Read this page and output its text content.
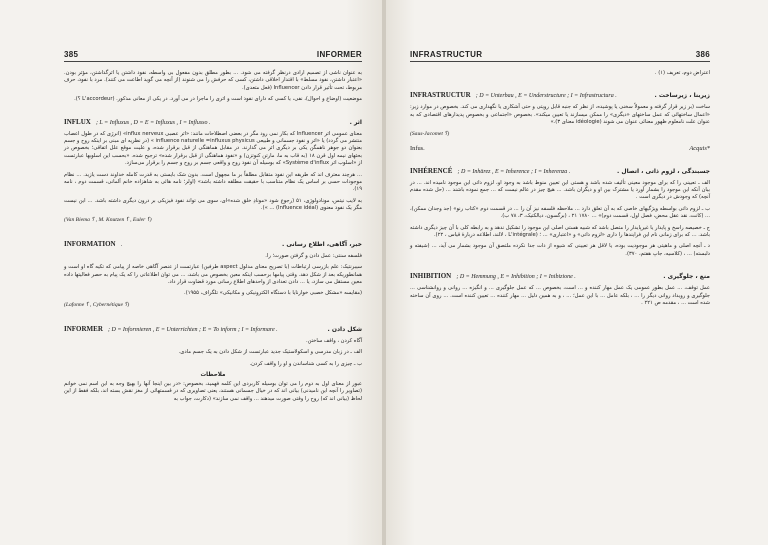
385	INFORMER

به عنوان ناشی از تصمیم ارادی درنظر گرفته می شود. ... بطور مطلق بدون مفعول بی واسطه، نفوذ داشتن یا اثرگذاشتن، مؤثر بودن. «اعتبار داشتن، نفوذ مسلط» با اقتدار اخلاقی داشتن، کسی که حرفش را می شنوند (از آنچه می گوید اطاعت می کنند). مرد با نفوذ، حرف مربوط، تحت تأثیر قرار دادن Influencer (فعل متعدی).

موضعیت (اوضاع و احوال)، نفی، یا کسی که دارای نفوذ است و اثری را ماجرا در می آورد. در یکی از معانی مذکور. (L'accordeur ؟).

INFLUX ; L = Influxus , D = E = Influxus , I = Influsso .	اثر .

معنای عمومی اثر Influencer که بکار نمی رود مگر در بعضی اصطلاحات مانند: «اثر عصبی influx nerveux» (انرژی که در طول اعصاب منتشر می گردد) یا «اثر و نفوذ جسمانی و طبیعی influence naturelle =influxus physicus » (در نظریه ای مبنی بر اینکه روح و جسم بعنوان دو جوهر ناهمگن یکی بر دیگری اثر می گذارند. در مقابل هماهنگی از قبل برقرار شده، و علیت موقع علل اتفاقی؛ بخصوص در بحثهای نیمه اول قرن ۱۸ (به قاب به ما، مارتن کنوتزن) و «نفوذ هماهنگی از قبل برقرار شده» ترجیح شده. «بحسب این اسلوبها عبارتست از «اسلوب اثر Système d'influx» که بوسیله آن نفوذ روح و واقعی جسم بر روح و جسم را برقرار می‌سازد.

... هرچند معترف اند که طریقه این نفوذ متقابل مطلقاً بر ما مجهول است. بدون شک بایستی به قدرت کامله خداوند دست یازید. ... نظام موجودات حسی بر اساس یک نظام متناسب با حقیقت مطلقه داشته باشد» (اولر؛ نامه هائی به شاهزاده خانم آلمانی، قسمت دوم ، نامه ۱۹).

به لایب نیتس، مونادولوژی، ۵۱ (رجوع شود «مونادِ خلق شده»ای، سوی می تواند نفوذ فیزیکی بر درون دیگری داشته باشد. ... این نیست مگر یک نفوذ معنوی (Influence idéal) ... »).

(Van Biema ؟ , M. Knutzen ؟ , Euler ؟)

INFORMATION .	خبر، آگاهی، اطلاع رسانی .

فلسفه سنتی: عمل دادن و گرفتن صورت؛ را.

سیبرنتیک: علم بازرسی ارتباطات (با تصریح معنای مدلول aspect طرفین) عبارتست از عنصر آگاهی خاصه از پیامی که تکیه گاه او است و همانطوریکه بعد از شکل دهد. وقتی پیامها برحسب اینکه معین بخصوص می باشد، ... می توان اطلاعاتی را که یک پیام به حصر فعالیتها داده معین مستقل می سازد، یا ... دادن تعدادی از واحدهای اطلاع رسانی مورد قضاوت قرار داد.

(مقایسه «مشکل خصبی خوارنایا با دستگاه الکترونیکی و مکانیکی» تلگراف، ۱۹۵۵).

(Lafonne ؟ , Cybernétique ؟)

INFORMER ; D = Informieren , E = Unterrichten ; E = To inform ; I = Informare .	شکل دادن .

آگاه کردن ، واقف ساختن.

الف ـ در زبان مدرسی و اسکولاستیک جدید عبارتست از شکل دادن به یک جسم مادی.

ب ـ چیزی را به کسی شناساندن و او را واقف کردن.

ملاحظات

عبور از معنای اول به دوم را می توان بوسیله کاربردی این کلمه فهمید، بخصوص: «در بین اینجا آنها را بهیچ وجه به این اسم نمی خوانم (تصاویر را آنچه این نامیدنی) بیانی اند که در خیال جسمانی هستند، یعنی تصاویری که در قسمتهائی از مغز نقش بسته اند، بلکه فقط از این لحاظ (بیانی اند که) روح را وقتی صورت میدهند ... واقف نمی سازند» (دکارت، جواب به

INFRASTRUCTUR	386

اعتراض دوم، تعریف (۱) .

INFRASTRUCTUR ; D = Unterbau , E = Understructure ; I = Infrastructura .	زیربنا ، زیرساخت .

ساخت (بر زیر قرار گرفته و معمولاً سخنی یا پوشیده، از نظر که جنبه قابل رویتی و حتی آشکاری یا نگهداری می کند. بخصوص در موارد زیر: «اعمال ساختهائی که عمل ساختهای «دیگری» را ممکن میسازند یا تعیین میکند». بخصوص «اجتماعی و بخصوص پدیدارهای اقتصادی که به عنوان علت نامعلوم ظهور معنائی عنوان می شوند (idéologie معنای ۳).»

(Saus-Jacomet ؟)

Infus.	Acquis*
INHÉRENCÉ ; D = Inhärez , E = Inherence ; I = Inherenza .	جسبندگی ، لزوم ذاتی ، اتصال .

الف ـ تعیینی را که برای موجود معینی تألیف شده باشد و هستی این تعیین منوط باشد به وجود او، لزوم ذاتی این موجود نامیده اند. ... در بیان آنکه این موجود را بشمار آورد یا مشترک بین او و دیگران باشد. ... هیچ چیز در عالم نیست که ... جمع نموده باشند ... (حل شده مقدم آنچه) که وجودش در دیگری است .

ب ـ لزوم ذاتی بواسطه ویژگیهای خاصی که به آن تعلق دارد ... ملاحظه فلسفه نیز آن را ... در قسمت دوم «کتاب رنو» (جد وجدان ممکن)، ... (کانت، نقد عقل محض، فصل اول، قسمت دوم)» ... ۱۷۸۰ ۲۱ ، (برگسون، دیالکتیک، ۳، ۷۸ ب).

ج ـ خصیصه راسخ و پایدار یا غیرپایدار را متصل باشد که شبیه هستی اصلی این موجود را تشکیل ندهد و به رابطه کلی با آن چیز دیگری داشته باشد. ... که برای زمانی نام این فرایندها را داری «لزوم ذاتی» و «اعتباری» ... ؛ (L'intégrale ، لالند، اطلاعه دربارۀ قیاس ، ۲۲).

د ـ آنچه اصلی و ماهیتی هر موجودیت بوده، یا لاقل هر تعیینی که شیوه از ذات جدا نکرده ملتصق آن موجود بشمار می آید، ... (شیفته و دلبسته) ... ، (کلاسیه، جاپ هفتم، ۳۷۰).

INHIBITION ; D = Hemmung , E = Inhibition ; I = Inibizione .	منع ، جلوگیری .

عمل توقف، ... عمل بطور عمومی یک عمل مهار کننده و ... است، بخصوص ... که عمل جلوگیری ... و انگیزه ... روانی و روانشناسی ... جلوگیری و رویداد روانی دیگر را ... ، بلکه عامل ... با این عمل؛ ... ، و به همین دلیل ... مهار کننده ... تعیین کننده است. ... روی آن ساخته شده است ... ، مقدمه ص ۲۲۱ .
